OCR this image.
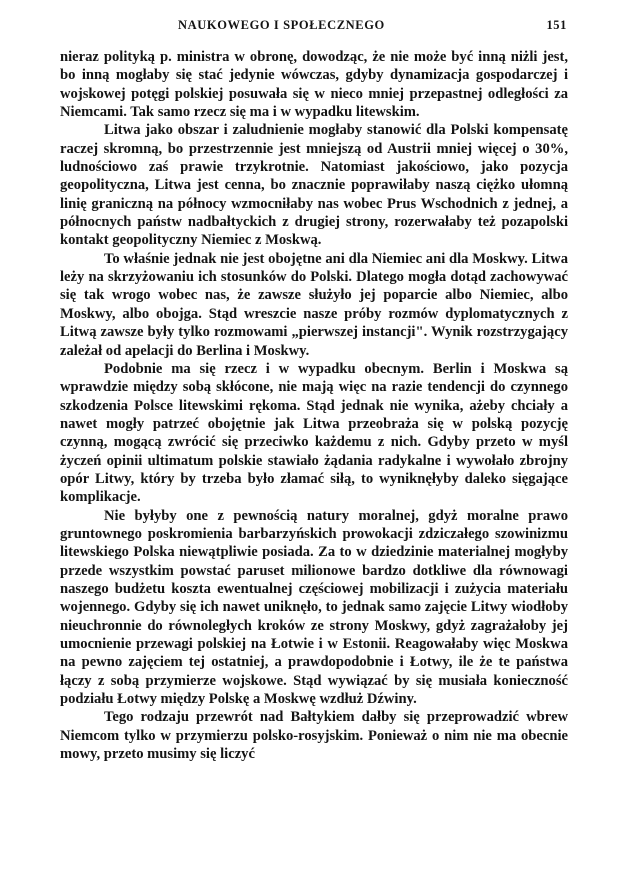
NAUKOWEGO I SPOŁECZNEGO	151

nieraz polityką p. ministra w obronę, dowodząc, że nie może być inną niżli jest, bo inną mogłaby się stać jedynie wówczas, gdyby dynamizacja gospodarczej i wojskowej potęgi polskiej posuwała się w nieco mniej przepastnej odległości za Niemcami. Tak samo rzecz się ma i w wypadku litewskim.

Litwa jako obszar i zaludnienie mogłaby stanowić dla Polski kompensatę raczej skromną, bo przestrzennie jest mniejszą od Austrii mniej więcej o 30%, ludnościowo zaś prawie trzykrotnie. Natomiast jakościowo, jako pozycja geopolityczna, Litwa jest cenna, bo znacznie poprawiłaby naszą ciężko ułomną linię graniczną na północy wzmocniłaby nas wobec Prus Wschodnich z jednej, a północnych państw nadbałtyckich z drugiej strony, rozerwałaby też pozapolski kontakt geopolityczny Niemiec z Moskwą.

To właśnie jednak nie jest obojętne ani dla Niemiec ani dla Moskwy. Litwa leży na skrzyżowaniu ich stosunków do Polski. Dlatego mogła dotąd zachowywać się tak wrogo wobec nas, że zawsze służyło jej poparcie albo Niemiec, albo Moskwy, albo obojga. Stąd wreszcie nasze próby rozmów dyplomatycznych z Litwą zawsze były tylko rozmowami „pierwszej instancji". Wynik rozstrzygający zależał od apelacji do Berlina i Moskwy.

Podobnie ma się rzecz i w wypadku obecnym. Berlin i Moskwa są wprawdzie między sobą skłócone, nie mają więc na razie tendencji do czynnego szkodzenia Polsce litewskimi rękoma. Stąd jednak nie wynika, ażeby chciały a nawet mogły patrzeć obojętnie jak Litwa przeobraża się w polską pozycję czynną, mogącą zwrócić się przeciwko każdemu z nich. Gdyby przeto w myśl życzeń opinii ultimatum polskie stawiało żądania radykalne i wywołało zbrojny opór Litwy, który by trzeba było złamać siłą, to wyniknęłyby daleko sięgające komplikacje.

Nie byłyby one z pewnością natury moralnej, gdyż moralne prawo gruntownego poskromienia barbarzyńskich prowokacji zdziczałego szowinizmu litewskiego Polska niewątpliwie posiada. Za to w dziedzinie materialnej mogłyby przede wszystkim powstać paruset milionowe bardzo dotkliwe dla równowagi naszego budżetu koszta ewentualnej częściowej mobilizacji i zużycia materiału wojennego. Gdyby się ich nawet uniknęło, to jednak samo zajęcie Litwy wiodłoby nieuchronnie do równoległych kroków ze strony Moskwy, gdyż zagrażałoby jej umocnienie przewagi polskiej na Łotwie i w Estonii. Reagowałaby więc Moskwa na pewno zajęciem tej ostatniej, a prawdopodobnie i Łotwy, ile że te państwa łączy z sobą przymierze wojskowe. Stąd wywiązać by się musiała konieczność podziału Łotwy między Polskę a Moskwę wzdłuż Dźwiny.

Tego rodzaju przewrót nad Bałtykiem dałby się przeprowadzić wbrew Niemcom tylko w przymierzu polsko-rosyjskim. Ponieważ o nim nie ma obecnie mowy, przeto musimy się liczyć
